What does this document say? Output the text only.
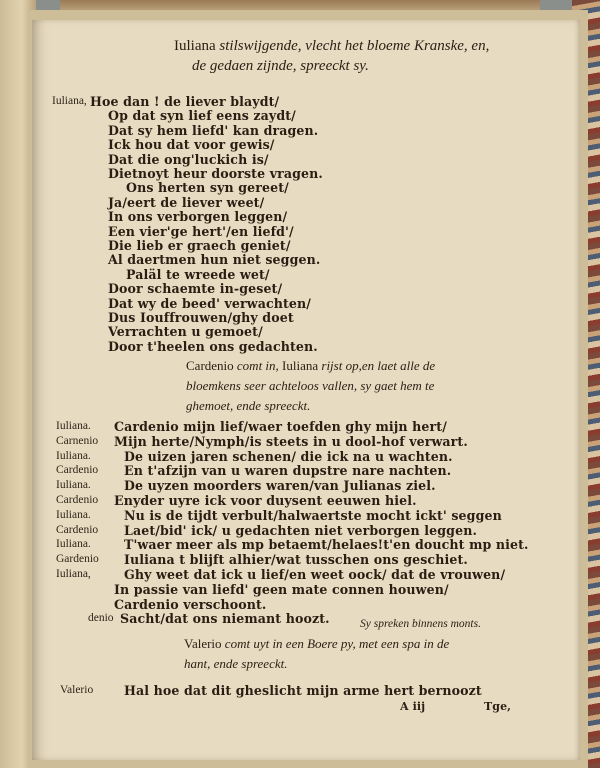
Iuliana stilswijgende, vlecht het bloeme Kranske, en,
de gedaen zijnde, spreeckt sy.
Iuliana, Hoe dan ! de liever blaydt/
Op dat syn lief eens zaydt/
Dat sy hem liefd' kan dragen.
Ick hou dat voor gewis/
Dat die ong'luckich is/
Dietnoyt heur doorste vragen.
Ons herten syn gereet/
Ja/eert de liever weet/
In ons verborgen leggen/
Een vier'ge hert'/en liefd'/
Die lieb er graech geniet/
Al daertmen hun niet seggen.
Paläl te wreede wet/
Door schaemte in-geset/
Dat wy de beed' verwachten/
Dus Iouffrouwen/ghy doet
Verrachten u gemoet/
Door t'heelen ons gedachten.
Cardenio comt in, Iuliana rijst op,en laet alle de
bloemkens seer achteloos vallen, sy gaet hem te
ghemoet, ende spreeckt.
Iuliana. Cardenio mijn lief/waer toefden ghy mijn hert/
Carnenio Mijn herte/Nymph/is steets in u dool-hof verwart.
Iuliana.	De uizen jaren schenen/ die ick na u wachten.
Cardenio En t'afzijn van u waren dupstre nare nachten.
Iuliana.	De uyzen moorders waren/van Julianas ziel.
Cardenio Enyder uyre ick voor duysent eeuwen hiel.
Iuliana.	Nu is de tijdt verbult/halwaertste mocht ickt' seggen
Cardenio Laet/bid' ick/ u gedachten niet verborgen leggen.
Iuliana.	T'waer meer als mp betaemt/helaes!t'en doucht mp niet.
Gardenio Iuliana t blijft alhier/wat tusschen ons geschiet.
Iuliana,	Ghy weet dat ick u lief/en weet oock/ dat de vrouwen/
In passie van liefd' geen mate connen houwen/
Cardenio verschoont.
denio Sacht/dat ons niemant hoozt.	Sy spreken binnens monts.
Valerio comt uyt in een Boere py, met een spa in de
hant, ende spreeckt.
Valerio Hal hoe dat dit gheslicht mijn arme hert bernoozt
A iij	Tge,
